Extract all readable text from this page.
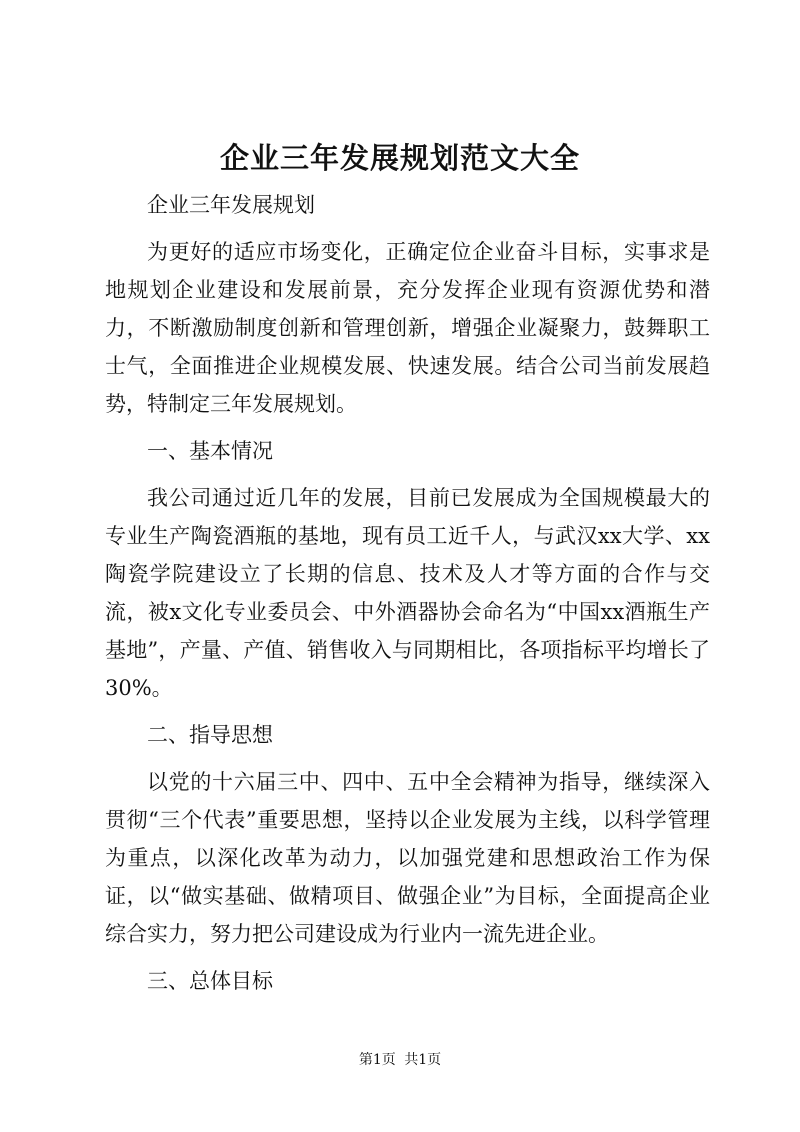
企业三年发展规划范文大全

企业三年发展规划

为更好的适应市场变化，正确定位企业奋斗目标，实事求是地规划企业建设和发展前景，充分发挥企业现有资源优势和潜力，不断激励制度创新和管理创新，增强企业凝聚力，鼓舞职工士气，全面推进企业规模发展、快速发展。结合公司当前发展趋势，特制定三年发展规划。

一、基本情况

我公司通过近几年的发展，目前已发展成为全国规模最大的专业生产陶瓷酒瓶的基地，现有员工近千人，与武汉xx大学、xx陶瓷学院建设立了长期的信息、技术及人才等方面的合作与交流，被x文化专业委员会、中外酒器协会命名为“中国xx酒瓶生产基地”，产量、产值、销售收入与同期相比，各项指标平均增长了30%。

二、指导思想

以党的十六届三中、四中、五中全会精神为指导，继续深入贯彻“三个代表”重要思想，坚持以企业发展为主线，以科学管理为重点，以深化改革为动力，以加强党建和思想政治工作为保证，以“做实基础、做精项目、做强企业”为目标，全面提高企业综合实力，努力把公司建设成为行业内一流先进企业。

三、总体目标

第1页 共1页
